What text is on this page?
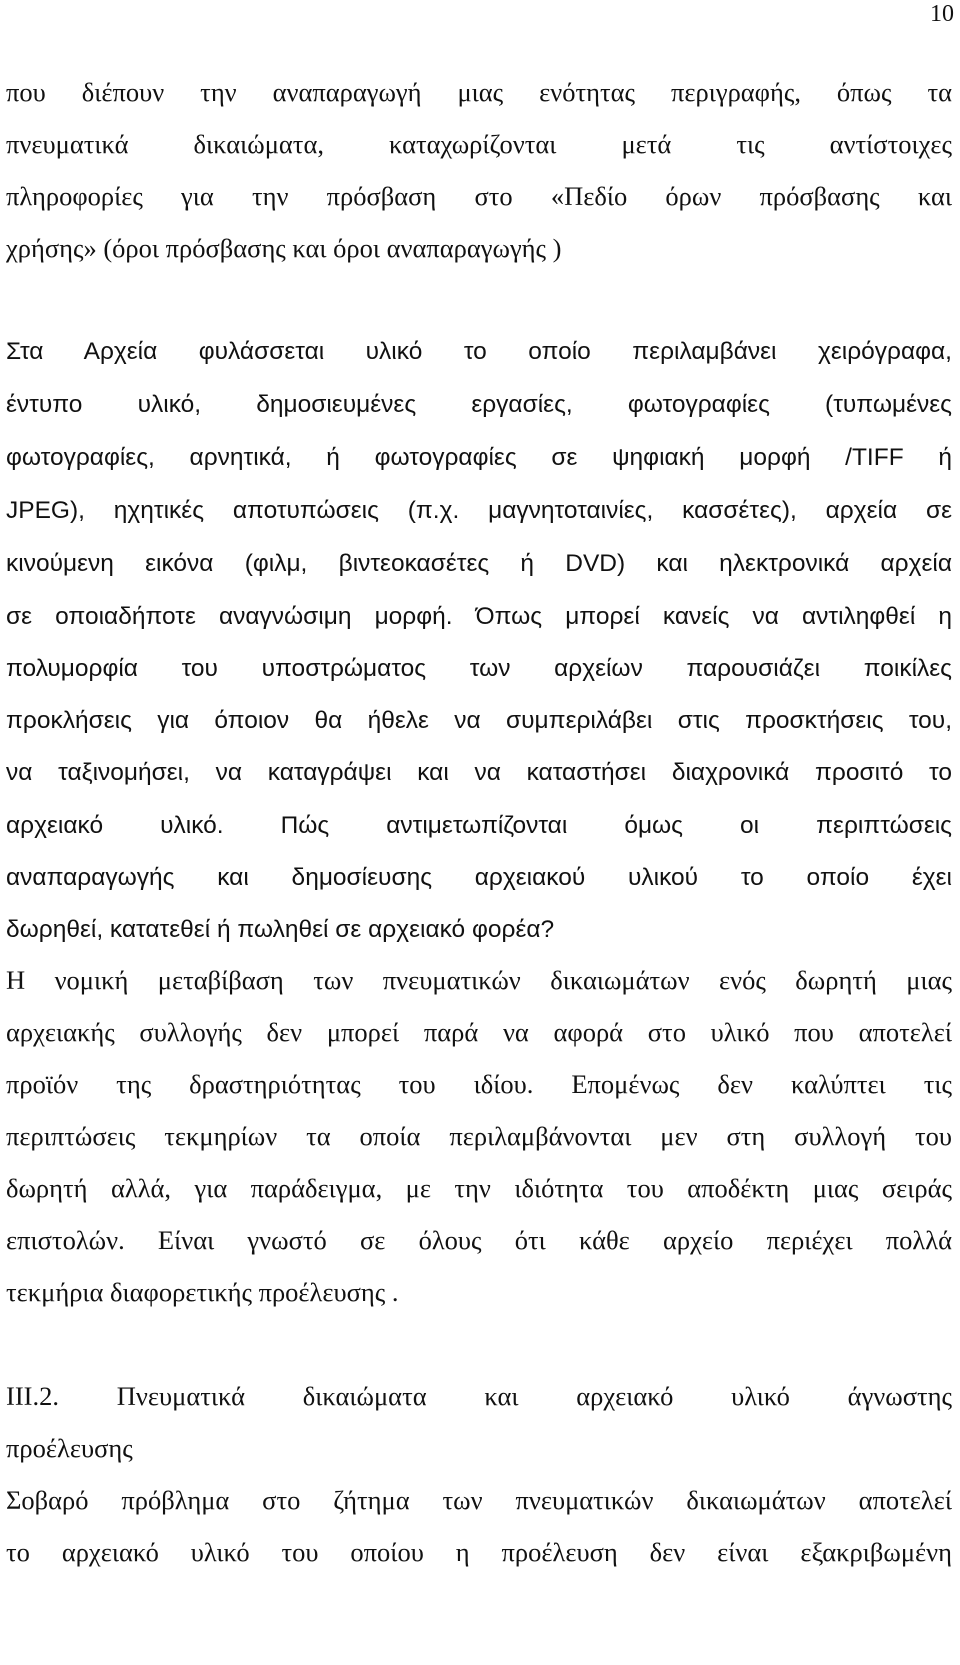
10
που διέπουν την αναπαραγωγή μιας ενότητας περιγραφής, όπως τα
πνευματικά δικαιώματα, καταχωρίζονται μετά τις αντίστοιχες
πληροφορίες για την πρόσβαση στο «Πεδίο όρων πρόσβασης και
χρήσης» (όροι πρόσβασης και όροι αναπαραγωγής )
Στα Αρχεία φυλάσσεται υλικό το οποίο περιλαμβάνει χειρόγραφα,
έντυπο υλικό, δημοσιευμένες εργασίες, φωτογραφίες (τυπωμένες
φωτογραφίες, αρνητικά, ή φωτογραφίες σε ψηφιακή μορφή /TIFF ή
JPEG), ηχητικές αποτυπώσεις (π.χ. μαγνητοταινίες, κασσέτες), αρχεία σε
κινούμενη εικόνα (φιλμ, βιντεοκασέτες ή DVD) και ηλεκτρονικά αρχεία
σε οποιαδήποτε αναγνώσιμη μορφή. Όπως μπορεί κανείς να αντιληφθεί η
πολυμορφία του υποστρώματος των αρχείων παρουσιάζει ποικίλες
προκλήσεις για όποιον θα ήθελε να συμπεριλάβει στις προσκτήσεις του,
να ταξινομήσει, να καταγράψει και να καταστήσει διαχρονικά προσιτό το
αρχειακό υλικό. Πώς αντιμετωπίζονται όμως οι περιπτώσεις
αναπαραγωγής και δημοσίευσης αρχειακού υλικού το οποίο έχει
δωρηθεί, κατατεθεί ή πωληθεί σε αρχειακό φορέα?
Η νομική μεταβίβαση των πνευματικών δικαιωμάτων ενός δωρητή μιας
αρχειακής συλλογής δεν μπορεί παρά να αφορά στο υλικό που αποτελεί
προϊόν της δραστηριότητας του ιδίου. Επομένως δεν καλύπτει τις
περιπτώσεις τεκμηρίων τα οποία περιλαμβάνονται μεν στη συλλογή του
δωρητή αλλά, για παράδειγμα, με την ιδιότητα του αποδέκτη μιας σειράς
επιστολών. Είναι γνωστό σε όλους ότι κάθε αρχείο περιέχει πολλά
τεκμήρια διαφορετικής προέλευσης .
ΙΙΙ.2. Πνευματικά δικαιώματα και αρχειακό υλικό άγνωστης
προέλευσης
Σοβαρό πρόβλημα στο ζήτημα των πνευματικών δικαιωμάτων αποτελεί
το αρχειακό υλικό του οποίου η προέλευση δεν είναι εξακριβωμένη
